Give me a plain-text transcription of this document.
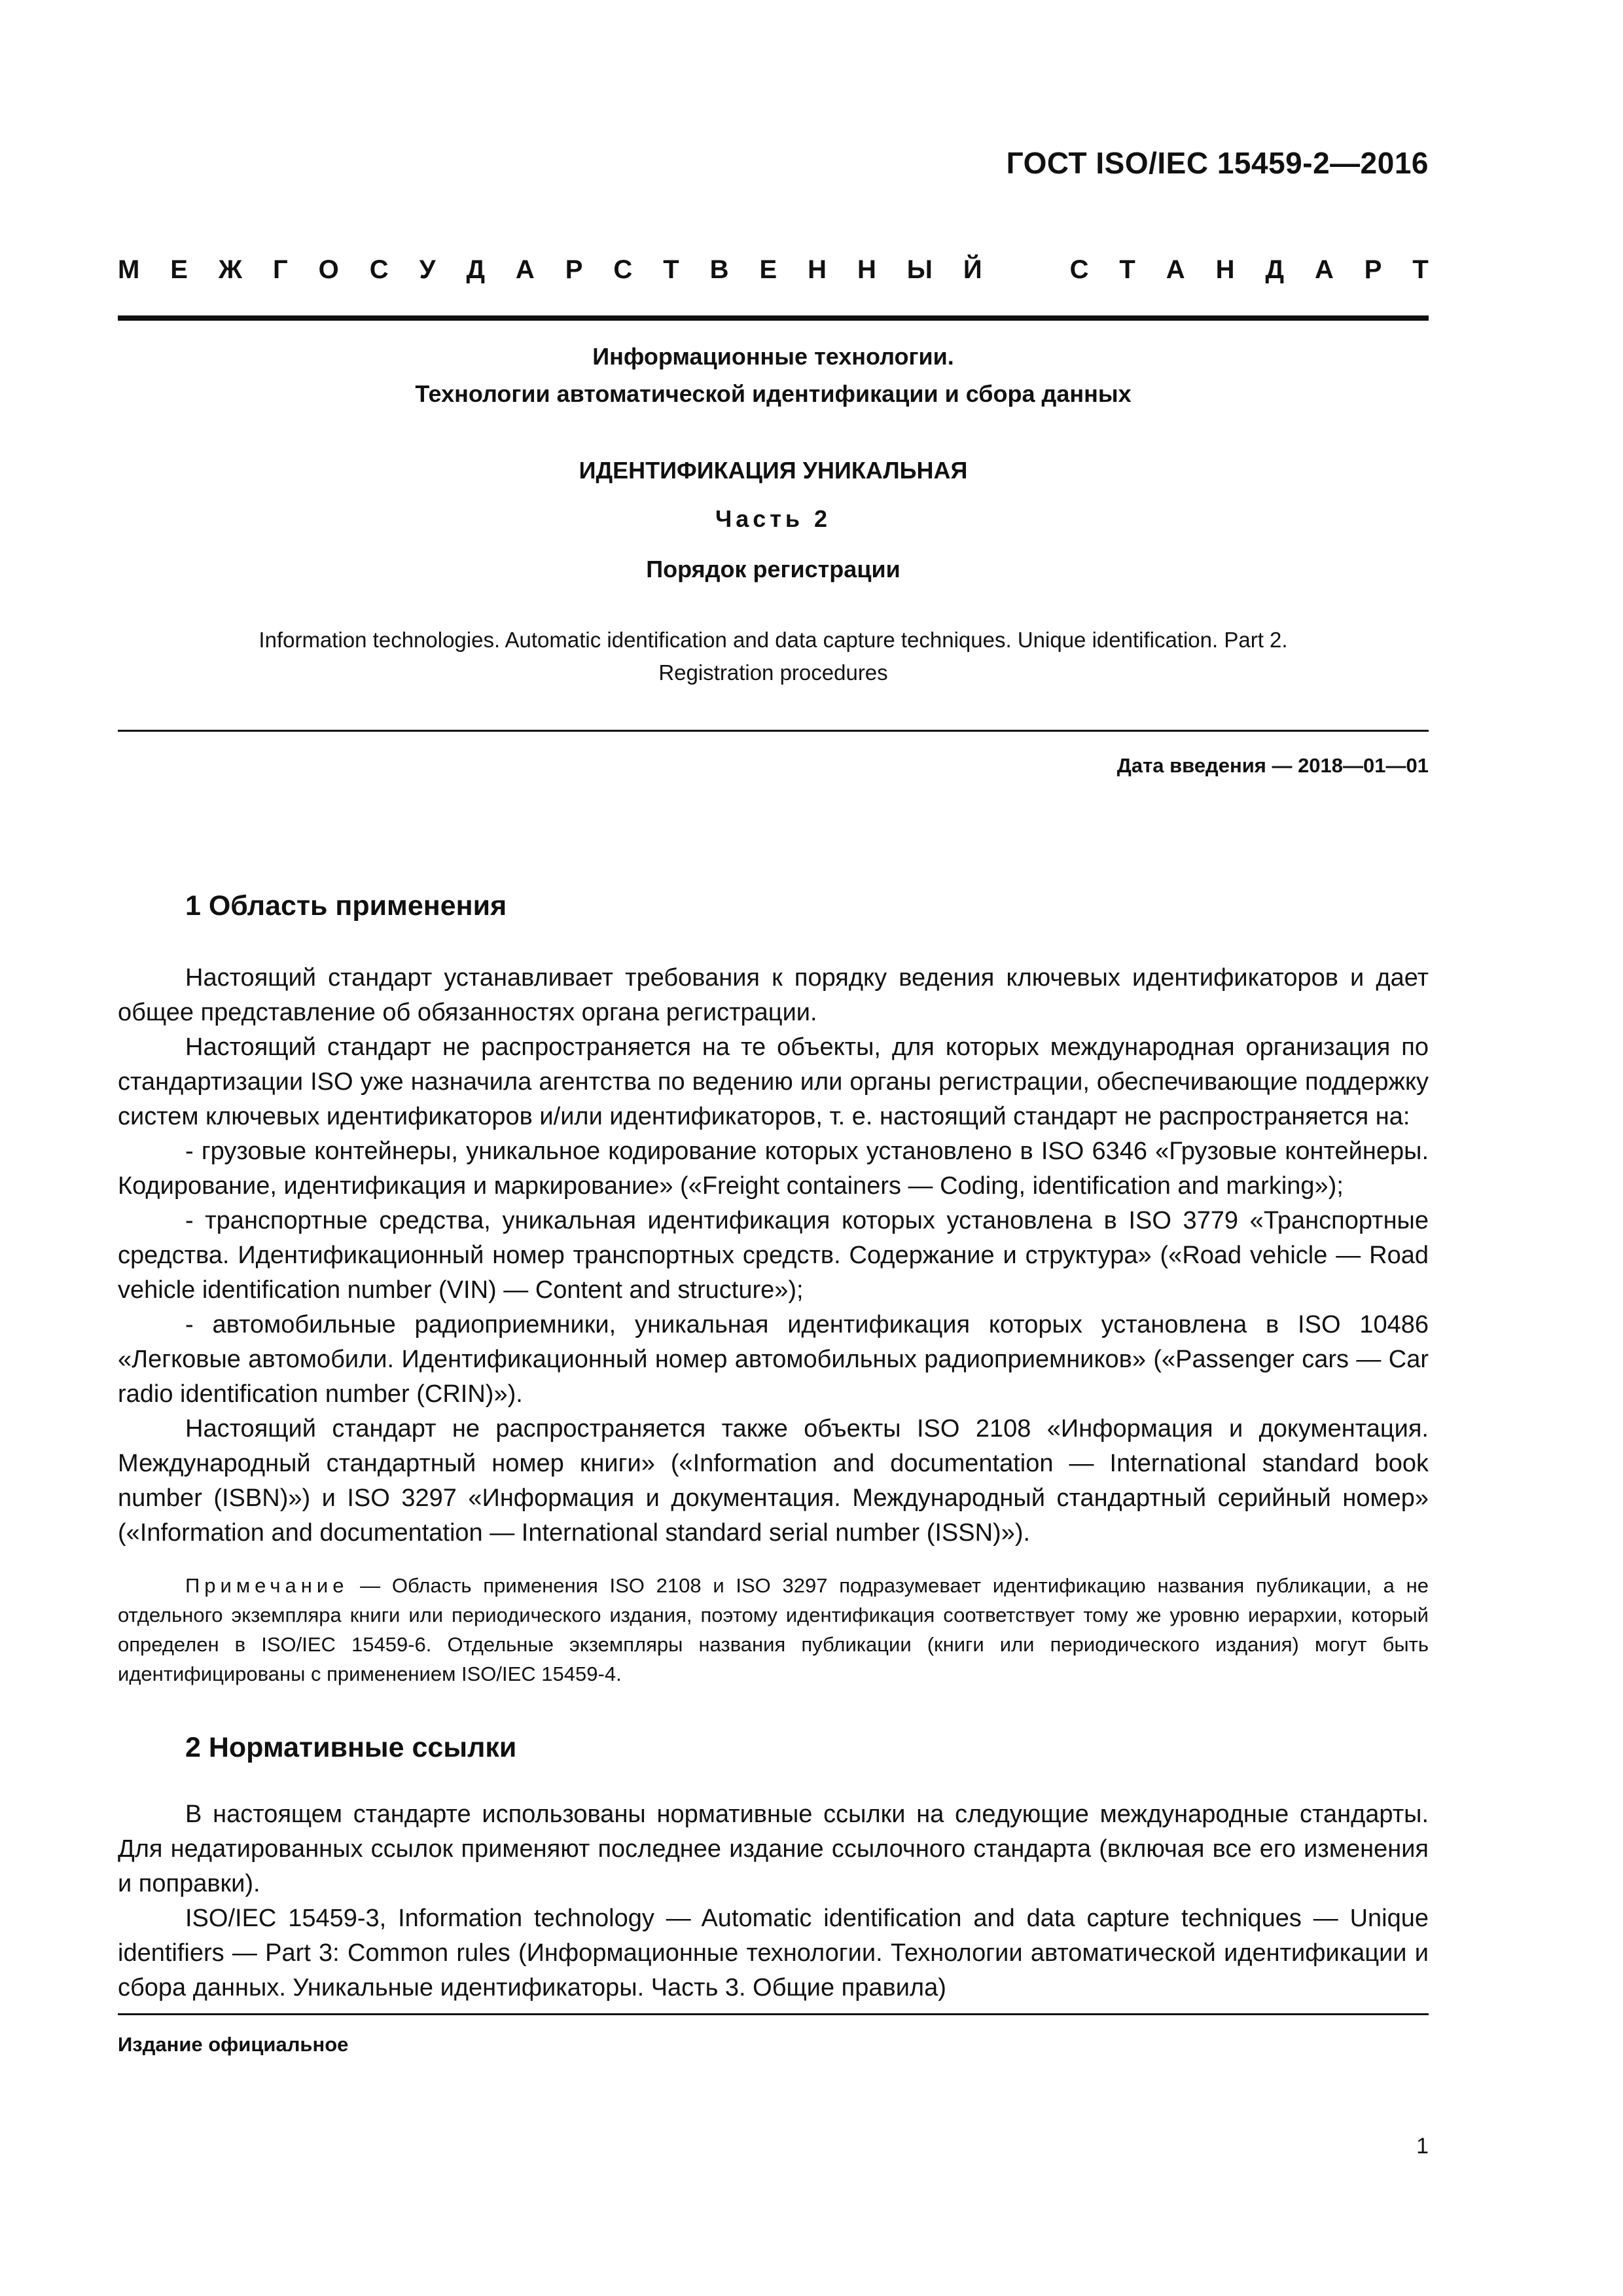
ГОСТ ISO/IEC 15459-2—2016
М Е Ж Г О С У Д А Р С Т В Е Н Н Ы Й	С Т А Н Д А Р Т
Информационные технологии.
Технологии автоматической идентификации и сбора данных
ИДЕНТИФИКАЦИЯ УНИКАЛЬНАЯ
Часть 2
Порядок регистрации
Information technologies. Automatic identification and data capture techniques. Unique identification. Part 2.
Registration procedures
Дата введения — 2018—01—01
1 Область применения

Настоящий стандарт устанавливает требования к порядку ведения ключевых идентификаторов и дает общее представление об обязанностях органа регистрации.

Настоящий стандарт не распространяется на те объекты, для которых международная организация по стандартизации ISO уже назначила агентства по ведению или органы регистрации, обеспечивающие поддержку систем ключевых идентификаторов и/или идентификаторов, т. е. настоящий стандарт не распространяется на:

- грузовые контейнеры, уникальное кодирование которых установлено в ISO 6346 «Грузовые контейнеры. Кодирование, идентификация и маркирование» («Freight containers — Coding, identification and marking»);

- транспортные средства, уникальная идентификация которых установлена в ISO 3779 «Транспортные средства. Идентификационный номер транспортных средств. Содержание и структура» («Road vehicle — Road vehicle identification number (VIN) — Content and structure»);

- автомобильные радиоприемники, уникальная идентификация которых установлена в ISO 10486 «Легковые автомобили. Идентификационный номер автомобильных радиоприемников» («Passenger cars — Car radio identification number (CRIN)»).

Настоящий стандарт не распространяется также объекты ISO 2108 «Информация и документация. Международный стандартный номер книги» («Information and documentation — International standard book number (ISBN)») и ISO 3297 «Информация и документация. Международный стандартный серийный номер» («Information and documentation — International standard serial number (ISSN)»).

Примечание — Область применения ISO 2108 и ISO 3297 подразумевает идентификацию названия публикации, а не отдельного экземпляра книги или периодического издания, поэтому идентификация соответствует тому же уровню иерархии, который определен в ISO/IEC 15459-6. Отдельные экземпляры названия публикации (книги или периодического издания) могут быть идентифицированы с применением ISO/IEC 15459-4.
2 Нормативные ссылки

В настоящем стандарте использованы нормативные ссылки на следующие международные стандарты. Для недатированных ссылок применяют последнее издание ссылочного стандарта (включая все его изменения и поправки).

ISO/IEC 15459-3, Information technology — Automatic identification and data capture techniques — Unique identifiers — Part 3: Common rules (Информационные технологии. Технологии автоматической идентификации и сбора данных. Уникальные идентификаторы. Часть 3. Общие правила)

Издание официальное
1
